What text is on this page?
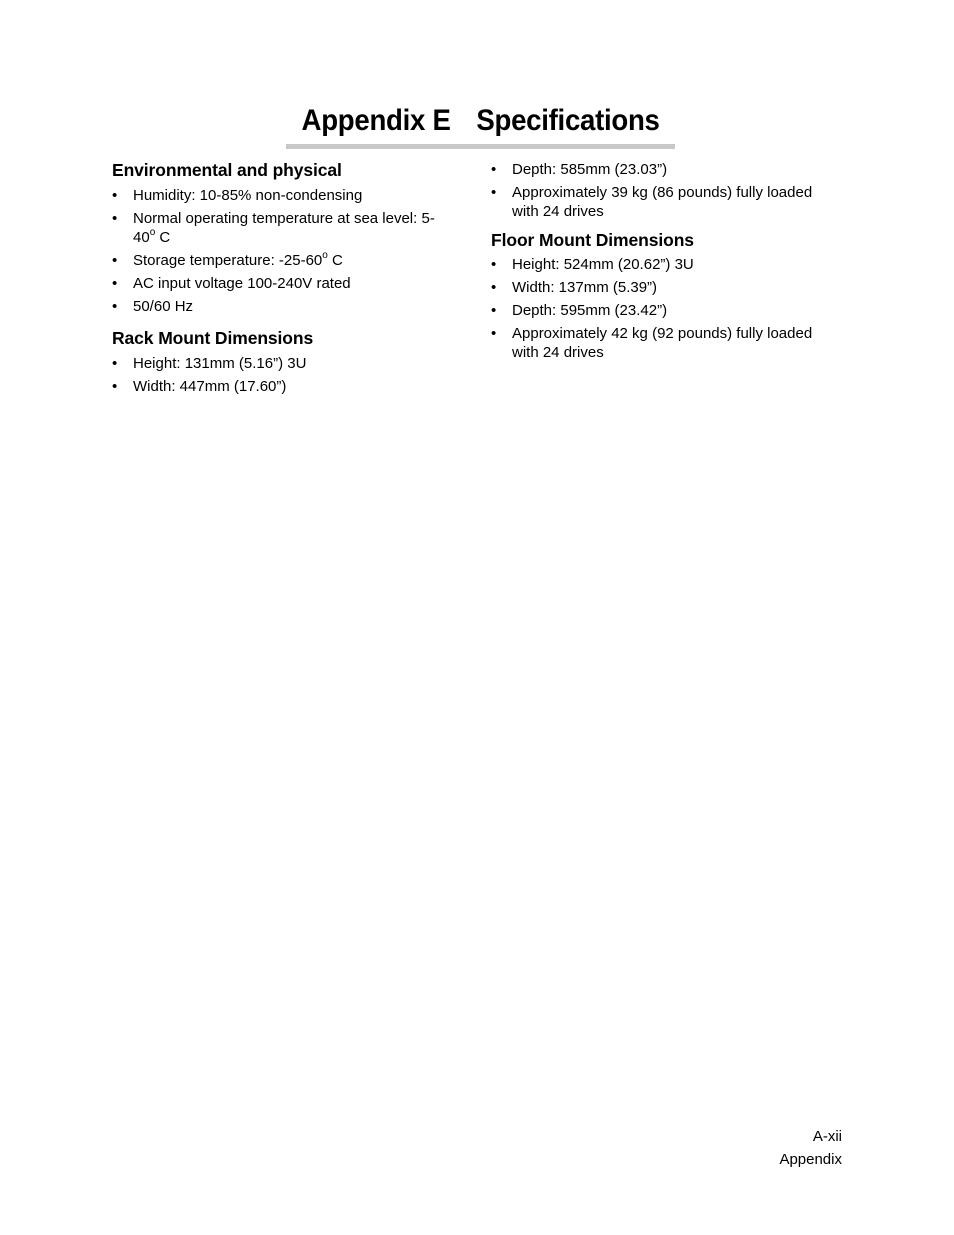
Appendix E Specifications
Environmental and physical
• Humidity: 10-85% non-condensing
• Normal operating temperature at sea level: 5-
40$^o$ C
• Storage temperature: -25-60$^o$ C
• AC input voltage 100-240V rated
• 50/60 Hz
Rack Mount Dimensions
• Height: 131mm (5.16”) 3U
• Width: 447mm (17.60”)
• Depth: 585mm (23.03”)
• Approximately 39 kg (86 pounds) fully loaded
with 24 drives
Floor Mount Dimensions
• Height: 524mm (20.62”) 3U
• Width: 137mm (5.39”)
• Depth: 595mm (23.42”)
• Approximately 42 kg (92 pounds) fully loaded
with 24 drives
A-xii
Appendix
